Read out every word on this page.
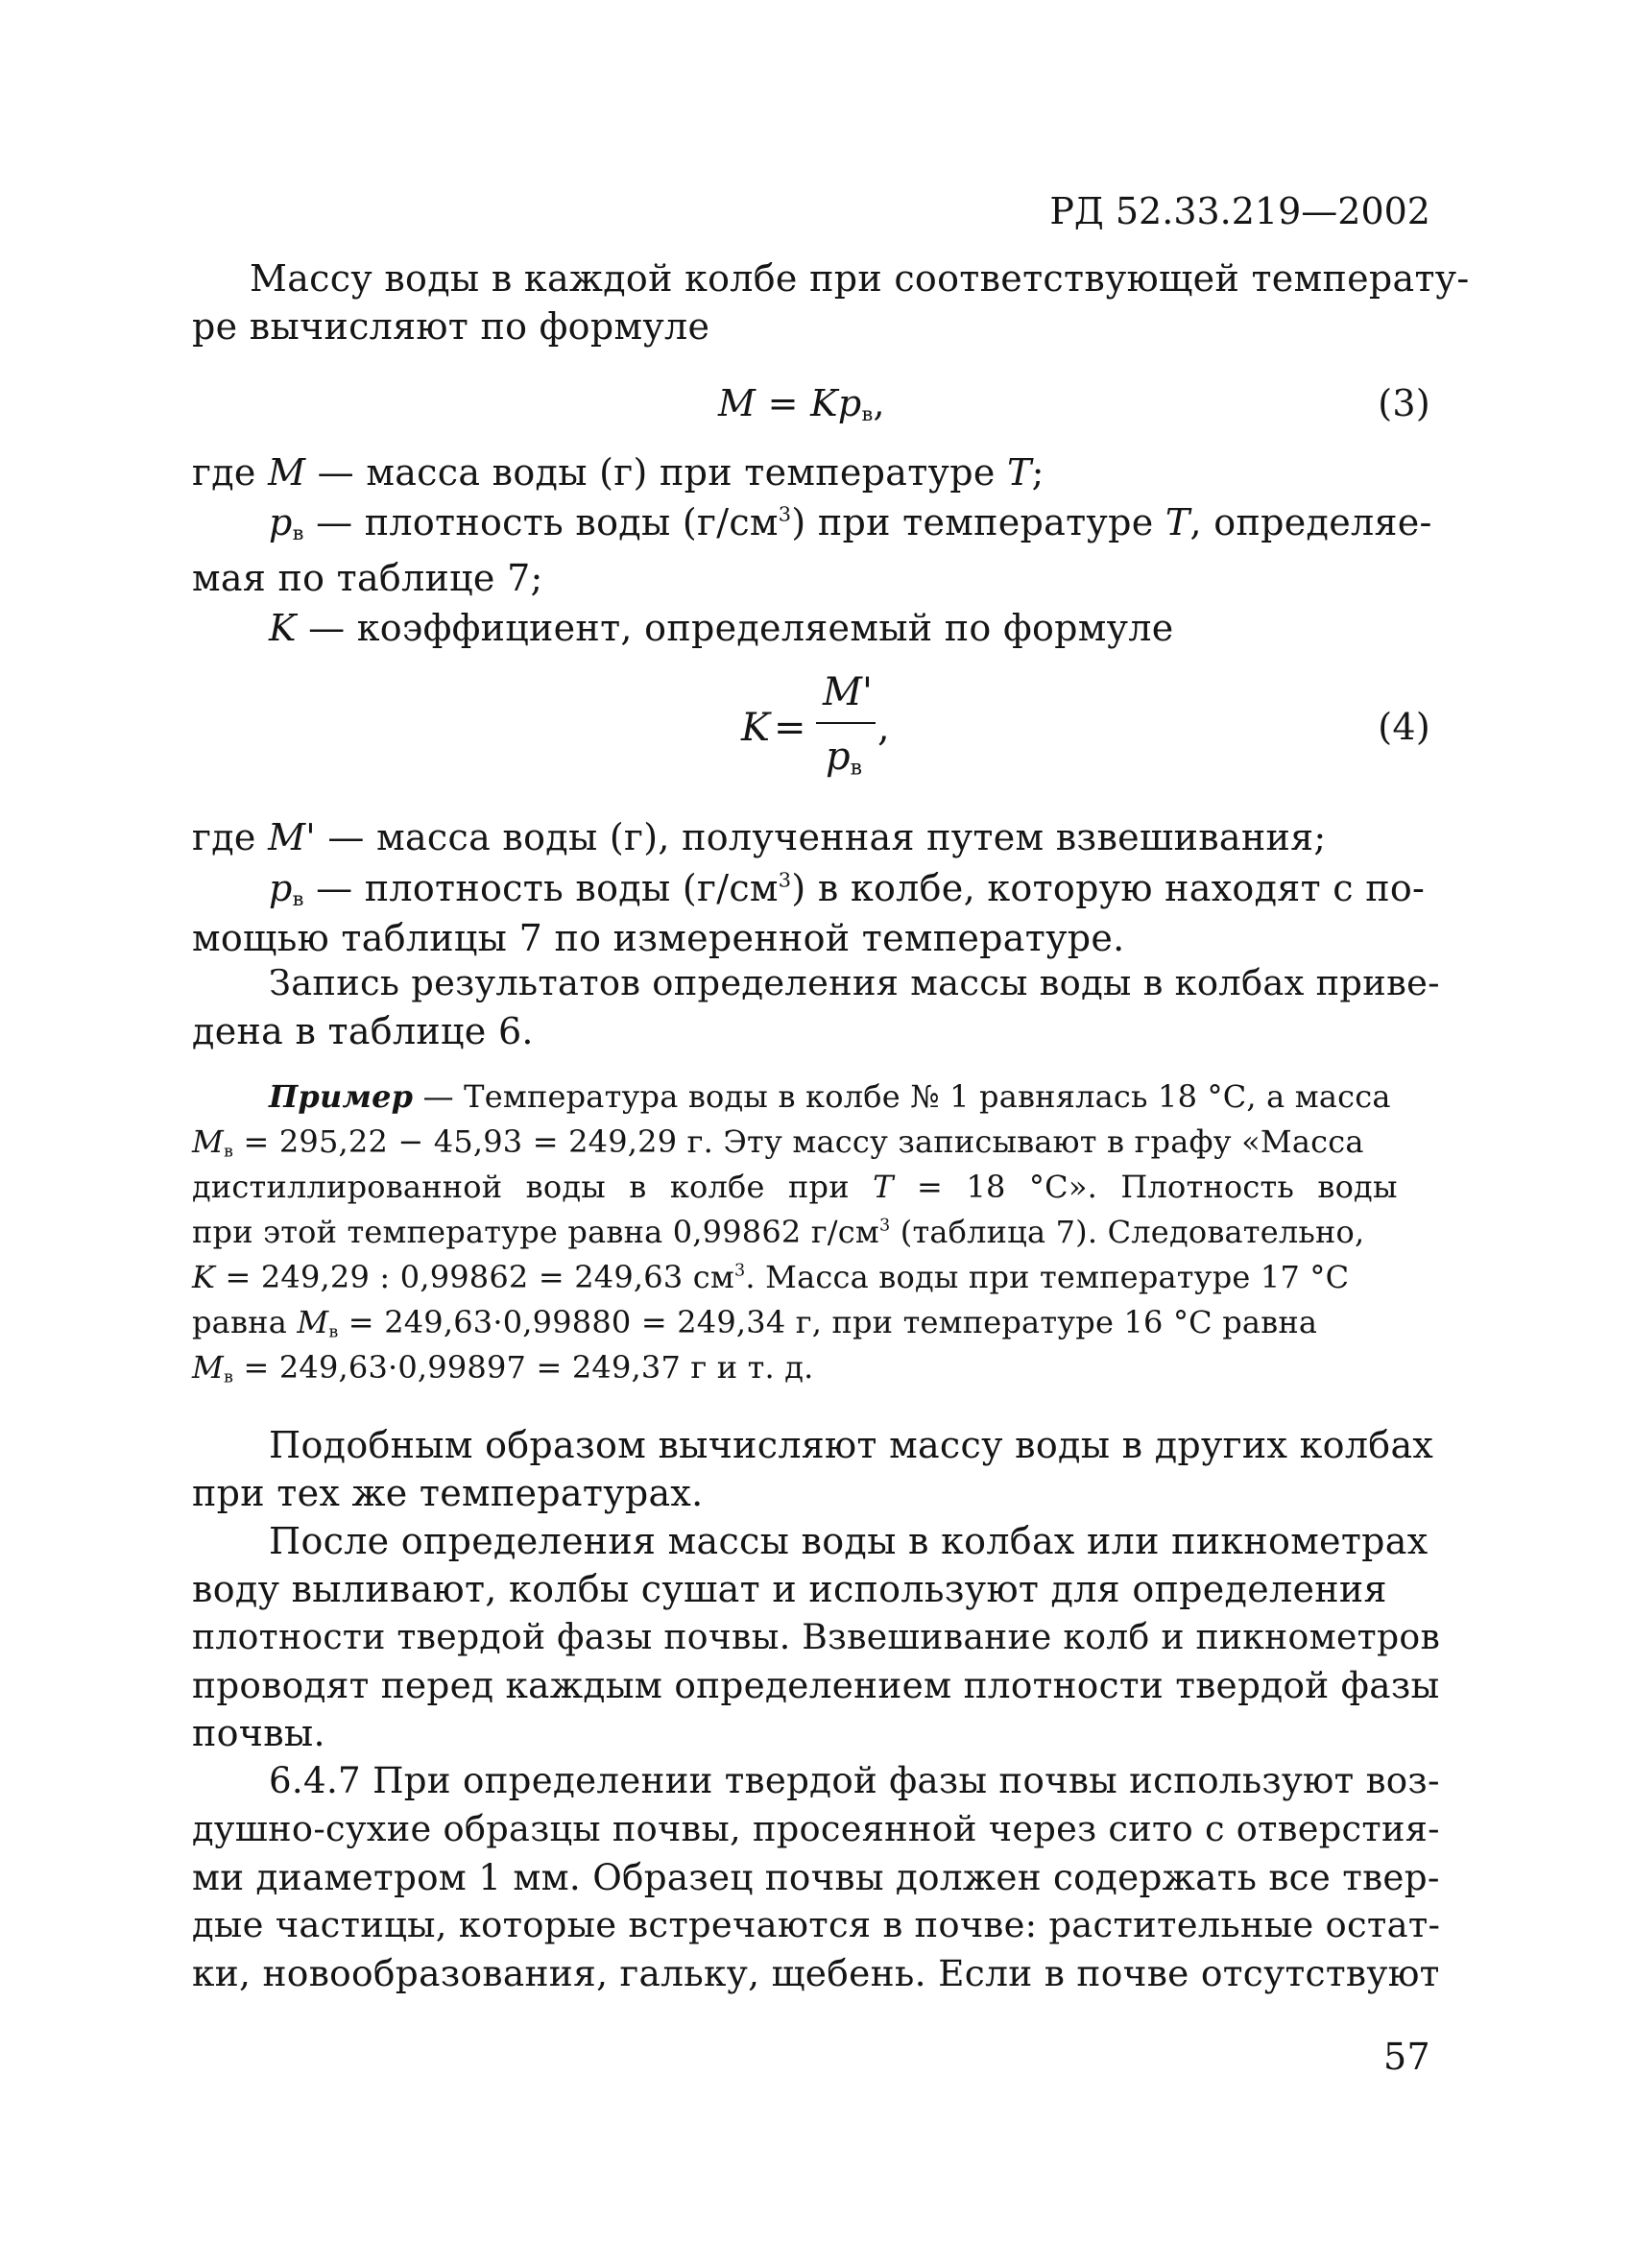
РД 52.33.219—2002
Массу воды в каждой колбе при соответствующей температу-
ре вычисляют по формуле
$M = Kp_в$,	(3)
где M — масса воды (г) при температуре T;
$p_в$ — плотность воды $(г/см^3)$ при температуре T, определяе-
мая по таблице 7;
K — коэффициент, определяемый по формуле
K =
M'
$p_в$
,	(4)
где M' — масса воды (г), полученная путем взвешивания;
$p_в$ — плотность воды $(г/см^3)$ в колбе, которую находят с по-
мощью таблицы 7 по измеренной температуре.
Запись результатов определения массы воды в колбах приве-
дена в таблице 6.
Пример — Температура воды в колбе № 1 равнялась 18 °С, а масса
$M_в = 295,22 - 45,93 = 249,29$ г. Эту массу записывают в графу «Масса
дистиллированной воды в колбе при T = 18 °С». Плотность воды
при этой температуре равна 0,99862 $г/см^3$ (таблица 7). Следовательно,
K = 249,29 : 0,99862 = 249,63 $см^3$. Масса воды при температуре 17 °С
равна $M_в = 249,63\cdot 0,99880 = 249,34$ г, при температуре 16 °С равна
$M_в = 249,63\cdot 0,99897 = 249,37$ г и т. д.
Подобным образом вычисляют массу воды в других колбах
при тех же температурах.
После определения массы воды в колбах или пикнометрах
воду выливают, колбы сушат и используют для определения
плотности твердой фазы почвы. Взвешивание колб и пикнометров
проводят перед каждым определением плотности твердой фазы
почвы.
6.4.7 При определении твердой фазы почвы используют воз-
душно-сухие образцы почвы, просеянной через сито с отверстия-
ми диаметром 1 мм. Образец почвы должен содержать все твер-
дые частицы, которые встречаются в почве: растительные остат-
ки, новообразования, гальку, щебень. Если в почве отсутствуют
57
